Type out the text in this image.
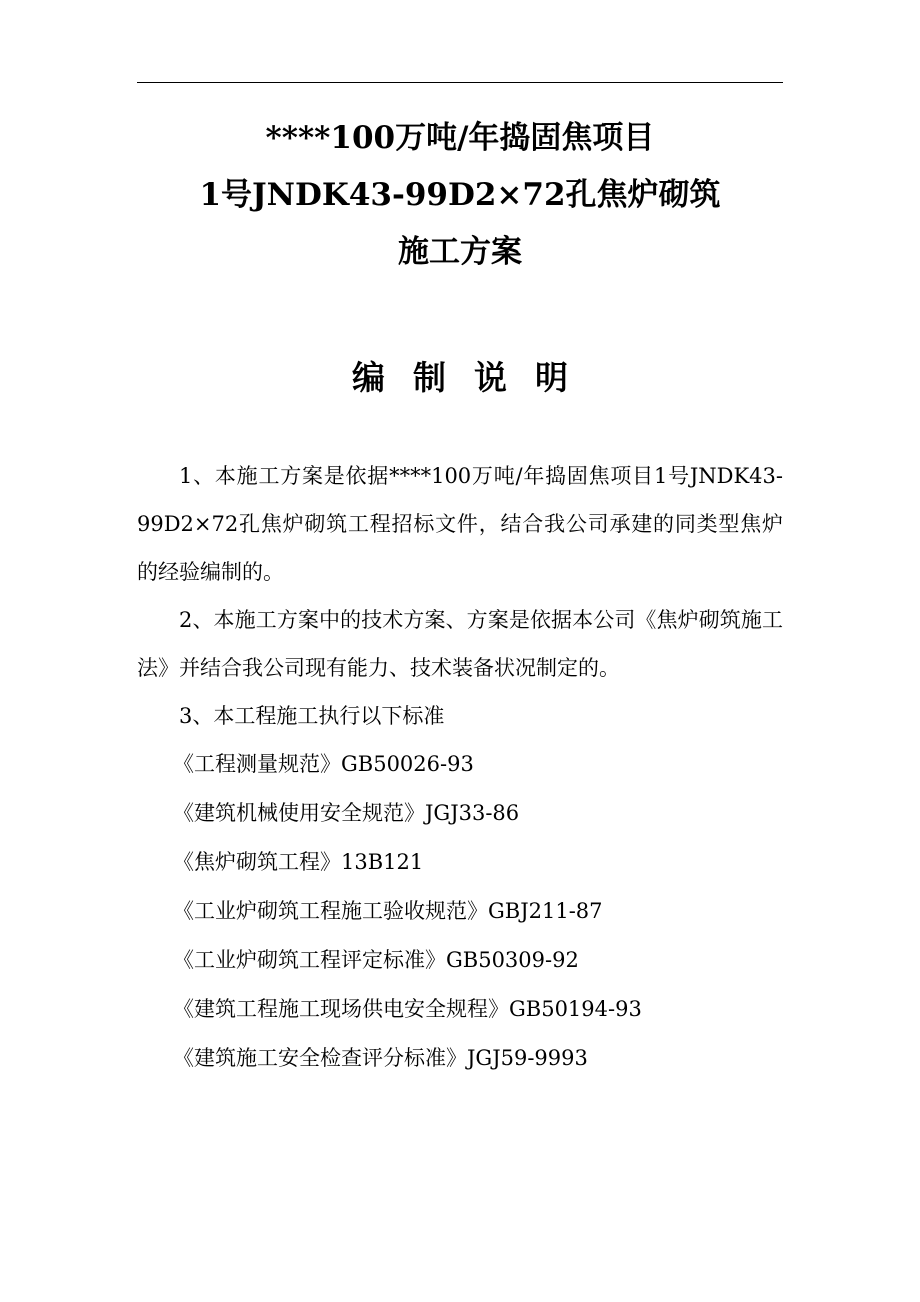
****100万吨/年捣固焦项目
1号JNDK43-99D2×72孔焦炉砌筑
施工方案
编制说明

1、本施工方案是依据****100万吨/年捣固焦项目1号JNDK43-99D2×72孔焦炉砌筑工程招标文件，结合我公司承建的同类型焦炉的经验编制的。

2、本施工方案中的技术方案、方案是依据本公司《焦炉砌筑施工法》并结合我公司现有能力、技术装备状况制定的。

3、本工程施工执行以下标准

《工程测量规范》GB50026-93
《建筑机械使用安全规范》JGJ33-86
《焦炉砌筑工程》13B121
《工业炉砌筑工程施工验收规范》GBJ211-87
《工业炉砌筑工程评定标准》GB50309-92
《建筑工程施工现场供电安全规程》GB50194-93
《建筑施工安全检查评分标准》JGJ59-9993
